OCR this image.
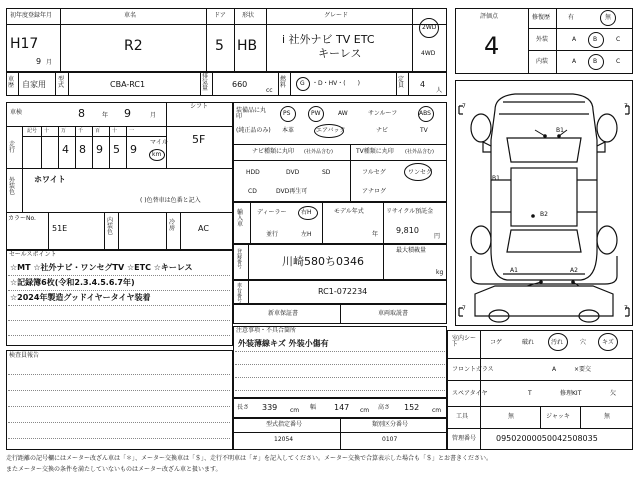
初年度登録年月
H17
9 月
車名
R2
ドア
5
形状
HB
グレード
i 社外ナビ TV ETC
キーレス
2WD
4WD
車歴 自家用
型式	CBA-RC1
排気量	660
cc
燃料	G ・D・HV・(　　)
定員 4
人
車検	8	年 9	月
シフト
5F
走行
記号 十 万 千 百 十 一
4 8 9 5 9
マイル
km
外装色
ホワイト
( )色替車は色番と記入
カラーNo.
51E
内装色
冷房	AC
装備品に丸印
(純正品のみ)
PS	PW	AW	サンルーフ	ABS
本革	エアバック	ナビ	TV
ナビ種類に丸印 (社外品含む)
HDD	DVD	SD
CD	DVD再生可
TV種類に丸印 (社外品含む)
フルセグ	ワンセグ
アナログ
輸入車
ディーラー 右H
並行	左H
モデル年式
年
リサイクル預託金
9,810
円
登録番号	川崎580ち0346
最大積載量
kg
車台番号
RC1-072234
新車保証書	車両取説書
セールスポイント
☆MT ☆社外ナビ・ワンセグTV ☆ETC ☆キーレス
☆記録簿6枚(令和2.3.4.5.6.7年)
☆2024年製造グッドイヤータイヤ装着
検査員報告
注意事項・不具合箇所
外装薄線キズ 外装小傷有
長さ 339 cm 幅 147 cm 高さ 152 cm
型式指定番号
12054
類別区分番号
0107
評価点
4
修復歴	有	無
外装	A	B	C
内装	A	B	C
B1
B1
B2
A1	A2
7	7
7	7
室内シート	コゲ	破れ	汚れ	穴	キズ
フロントガラス	A	×要交
スペアタイヤ	T	修理KIT	欠
工具	無	ジャッキ	無
管理番号 09502000050042508035
走行距離の記号欄にはメーター改ざん車は「＊」、メーター交換車は「＄」、走行不明車は「＃」を記入してください。メーター交換で合算表示した場合も「＄」とお書きください。
またメーター交換の条件を満たしていないものはメーター改ざん車と扱います。
